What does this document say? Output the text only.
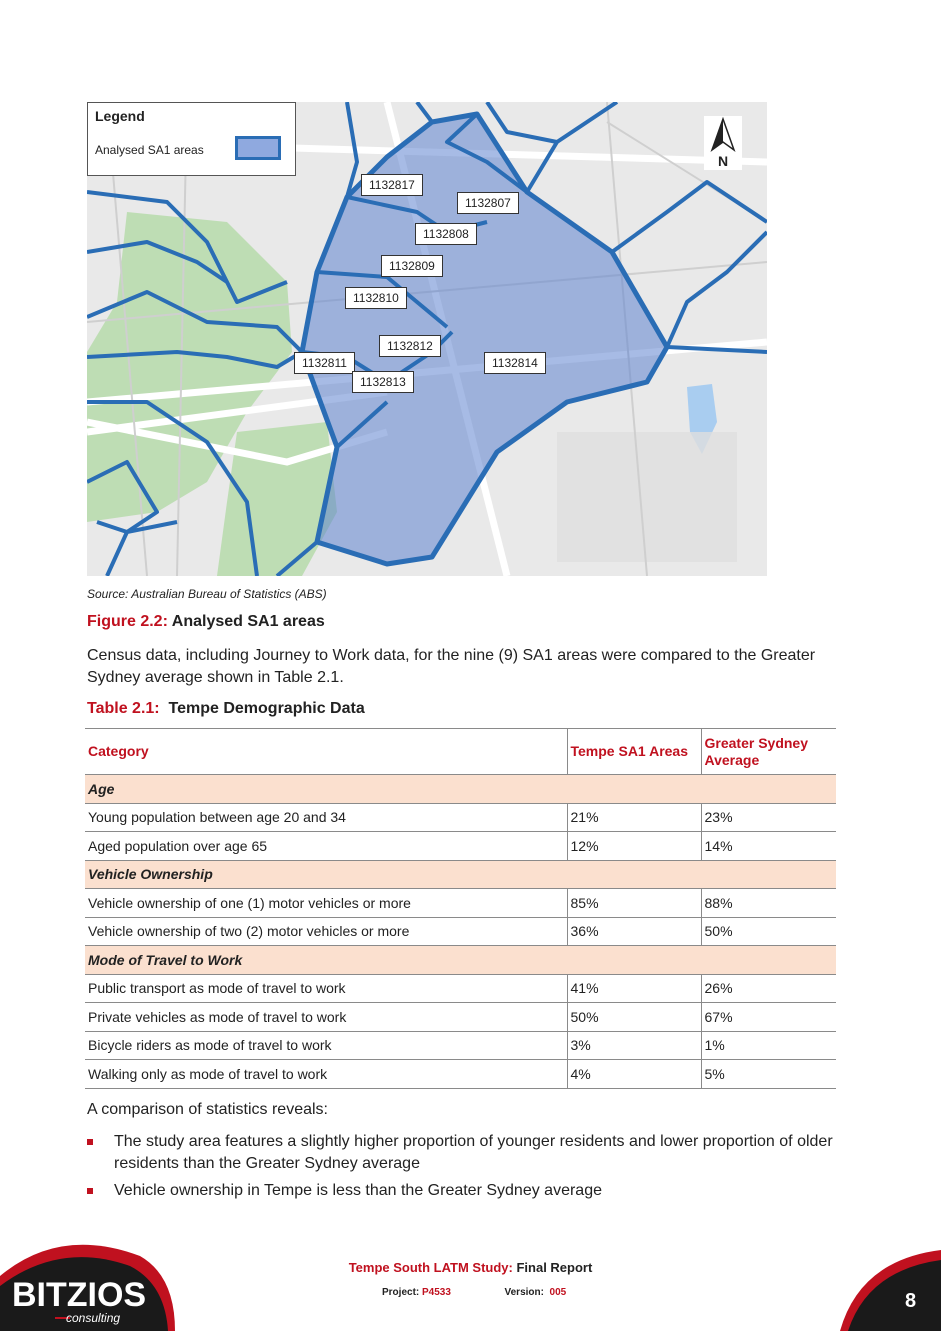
Legend
Analysed SA1 areas
N
1132817
1132807
1132808
1132809
1132810
1132812
1132811	1132814
1132813
Source: Australian Bureau of Statistics (ABS)
Figure 2.2: Analysed SA1 areas
Census data, including Journey to Work data, for the nine (9) SA1 areas were compared to the Greater Sydney average shown in Table 2.1.
Table 2.1: Tempe Demographic Data
Category	Tempe SA1 Areas	Greater Sydney Average
Age		
Young population between age 20 and 34	21%	23%
Aged population over age 65	12%	14%
Vehicle Ownership		
Vehicle ownership of one (1) motor vehicles or more	85%	88%
Vehicle ownership of two (2) motor vehicles or more	36%	50%
Mode of Travel to Work		
Public transport as mode of travel to work	41%	26%
Private vehicles as mode of travel to work	50%	67%
Bicycle riders as mode of travel to work	3%	1%
Walking only as mode of travel to work	4%	5%
A comparison of statistics reveals:
The study area features a slightly higher proportion of younger residents and lower proportion of older residents than the Greater Sydney average
Vehicle ownership in Tempe is less than the Greater Sydney average
BITZIOS
consulting
Tempe South LATM Study: Final Report
Project: P4533	Version: 005	8
